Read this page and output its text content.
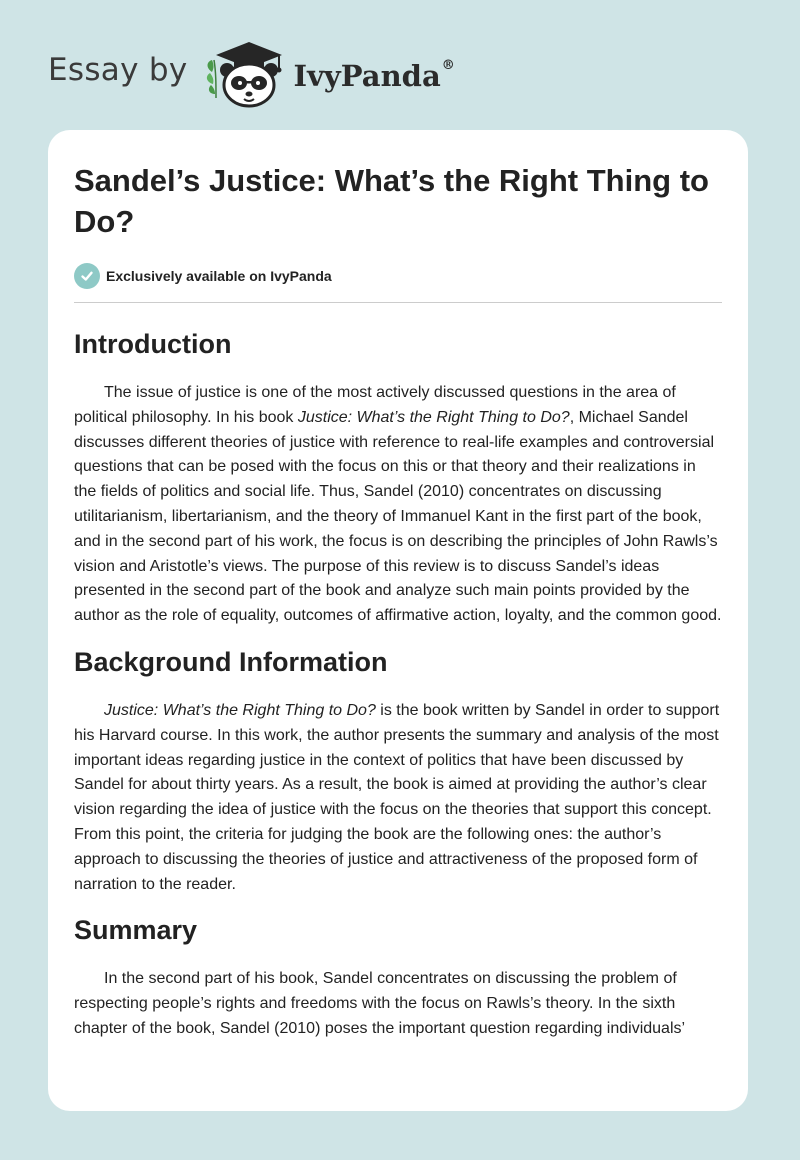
Essay by	IvyPanda®
Sandel’s Justice: What’s the Right Thing to Do?
Exclusively available on IvyPanda
Introduction

The issue of justice is one of the most actively discussed questions in the area of political philosophy. In his book Justice: What’s the Right Thing to Do?, Michael Sandel discusses different theories of justice with reference to real-life examples and controversial questions that can be posed with the focus on this or that theory and their realizations in the fields of politics and social life. Thus, Sandel (2010) concentrates on discussing utilitarianism, libertarianism, and the theory of Immanuel Kant in the first part of the book, and in the second part of his work, the focus is on describing the principles of John Rawls’s vision and Aristotle’s views. The purpose of this review is to discuss Sandel’s ideas presented in the second part of the book and analyze such main points provided by the author as the role of equality, outcomes of affirmative action, loyalty, and the common good.

Background Information

Justice: What’s the Right Thing to Do? is the book written by Sandel in order to support his Harvard course. In this work, the author presents the summary and analysis of the most important ideas regarding justice in the context of politics that have been discussed by Sandel for about thirty years. As a result, the book is aimed at providing the author’s clear vision regarding the idea of justice with the focus on the theories that support this concept. From this point, the criteria for judging the book are the following ones: the author’s approach to discussing the theories of justice and attractiveness of the proposed form of narration to the reader.

Summary

In the second part of his book, Sandel concentrates on discussing the problem of respecting people’s rights and freedoms with the focus on Rawls’s theory. In the sixth chapter of the book, Sandel (2010) poses the important question regarding individuals’
